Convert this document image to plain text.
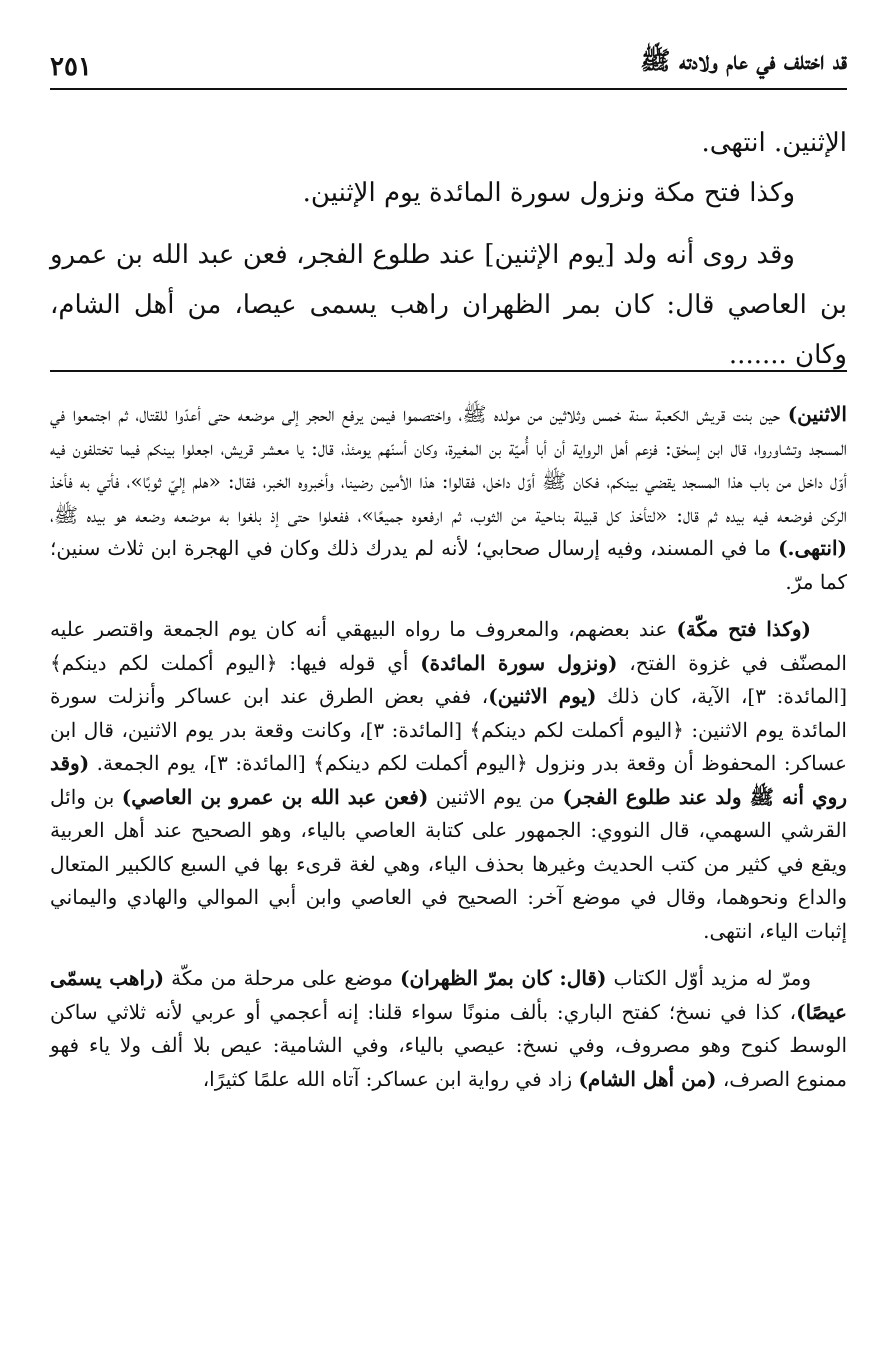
قد اختلف في عام ولادته ﷺ
٢٥١

الإثنين. انتهى.

وكذا فتح مكة ونزول سورة المائدة يوم الإثنين.

وقد روى أنه ولد [يوم الإثنين] عند طلوع الفجر، فعن عبد الله بن عمرو بن العاصي قال: كان بمر الظهران راهب يسمى عيصا، من أهل الشام، وكان .......

الاثنين) حين بنت قريش الكعبة سنة خمس وثلاثين من مولده ﷺ، واختصموا فيمن يرفع الحجر إلى موضعه حتى أعدّوا للقتال، ثم اجتمعوا في المسجد وتشاوروا، قال ابن إسحٰق: فزعم أهل الرواية أن أبا أُميّة بن المغيرة، وكان أسنّهم يومئذ، قال: يا معشر قريش، اجعلوا بينكم فيما تختلفون فيه أوّل داخل من باب هذا المسجد يقضي بينكم، فكان ﷺ أوّل داخل، فقالوا: هذا الأمين رضينا، وأخبروه الخبر، فقال: «هلم إليّ ثوبًا»، فأتي به فأخذ الركن فوضعه فيه بيده ثم قال: «لتأخذ كل قبيلة بناحية من الثوب، ثم ارفعوه جميعًا»، ففعلوا حتى إذ بلغوا به موضعه وضعه هو بيده ﷺ، (انتهى.) ما في المسند، وفيه إرسال صحابي؛ لأنه لم يدرك ذلك وكان في الهجرة ابن ثلاث سنين؛ كما مرّ.

(وكذا فتح مكّة) عند بعضهم، والمعروف ما رواه البيهقي أنه كان يوم الجمعة واقتصر عليه المصنّف في غزوة الفتح، (ونزول سورة المائدة) أي قوله فيها: ﴿اليوم أكملت لكم دينكم﴾ [المائدة: ٣]، الآية، كان ذلك (يوم الاثنين)، ففي بعض الطرق عند ابن عساكر وأنزلت سورة المائدة يوم الاثنين: ﴿اليوم أكملت لكم دينكم﴾ [المائدة: ٣]، وكانت وقعة بدر يوم الاثنين، قال ابن عساكر: المحفوظ أن وقعة بدر ونزول ﴿اليوم أكملت لكم دينكم﴾ [المائدة: ٣]، يوم الجمعة. (وقد روي أنه ﷺ ولد عند طلوع الفجر) من يوم الاثنين (فعن عبد الله بن عمرو بن العاصي) بن وائل القرشي السهمي، قال النووي: الجمهور على كتابة العاصي بالياء، وهو الصحيح عند أهل العربية ويقع في كثير من كتب الحديث وغيرها بحذف الياء، وهي لغة قرىء بها في السبع كالكبير المتعال والداع ونحوهما، وقال في موضع آخر: الصحيح في العاصي وابن أبي الموالي والهادي واليماني إثبات الياء، انتهى.

ومرّ له مزيد أوّل الكتاب (قال: كان بمرّ الظهران) موضع على مرحلة من مكّة (راهب يسمّى عيصًا)، كذا في نسخ؛ كفتح الباري: بألف منونًا سواء قلنا: إنه أعجمي أو عربي لأنه ثلاثي ساكن الوسط كنوح وهو مصروف، وفي نسخ: عيصي بالياء، وفي الشامية: عيص بلا ألف ولا ياء فهو ممنوع الصرف، (من أهل الشام) زاد في رواية ابن عساكر: آتاه الله علمًا كثيرًا،
